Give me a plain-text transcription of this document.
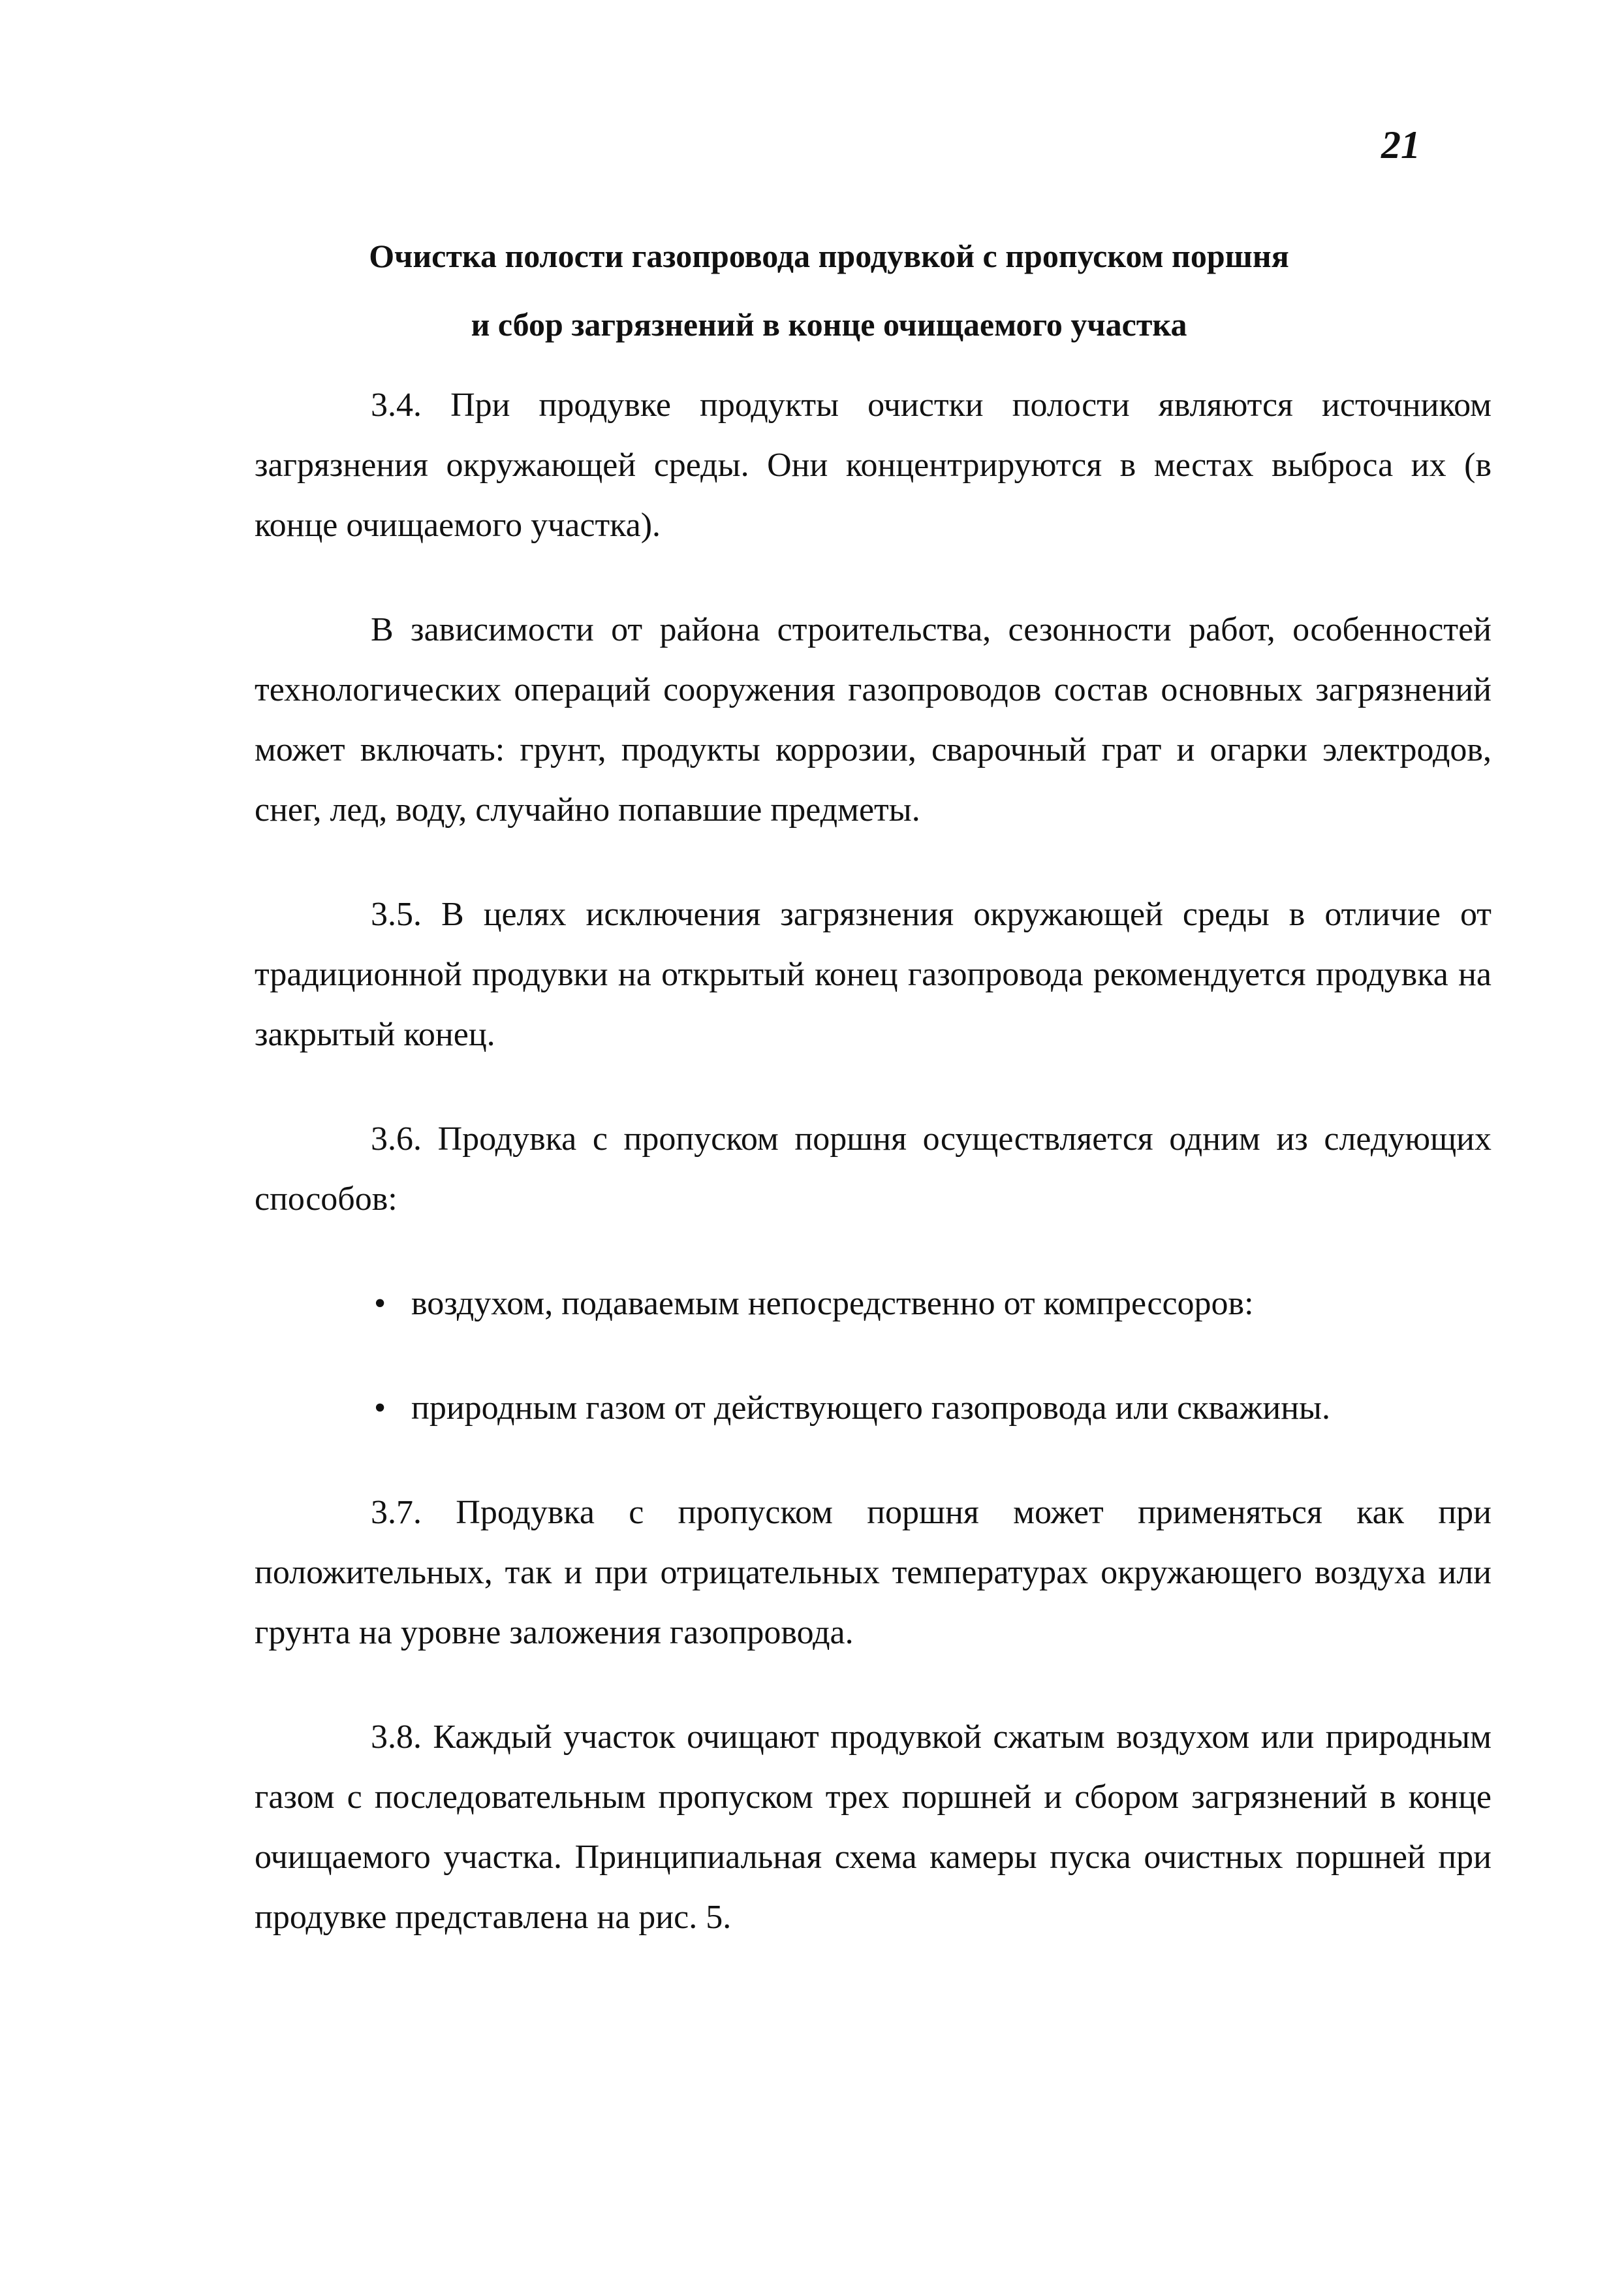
21
Очистка полости газопровода продувкой с пропуском поршня
и сбор загрязнений в конце очищаемого участка

3.4. При продувке продукты очистки полости являются источником загрязнения окружающей среды. Они концентрируются в местах выброса их (в конце очищаемого участка).

В зависимости от района строительства, сезонности работ, особенностей технологических операций сооружения газопроводов состав основных загрязнений может включать: грунт, продукты коррозии, сварочный грат и огарки электродов, снег, лед, воду, случайно попавшие предметы.

3.5. В целях исключения загрязнения окружающей среды в отличие от традиционной продувки на открытый конец газопровода рекомендуется продувка на закрытый конец.

3.6. Продувка с пропуском поршня осуществляется одним из следующих способов:

• воздухом, подаваемым непосредственно от компрессоров:
• природным газом от действующего газопровода или скважины.

3.7. Продувка с пропуском поршня может применяться как при положительных, так и при отрицательных температурах окружающего воздуха или грунта на уровне заложения газопровода.

3.8. Каждый участок очищают продувкой сжатым воздухом или природным газом с последовательным пропуском трех поршней и сбором загрязнений в конце очищаемого участка. Принципиальная схема камеры пуска очистных поршней при продувке представлена на рис. 5.
